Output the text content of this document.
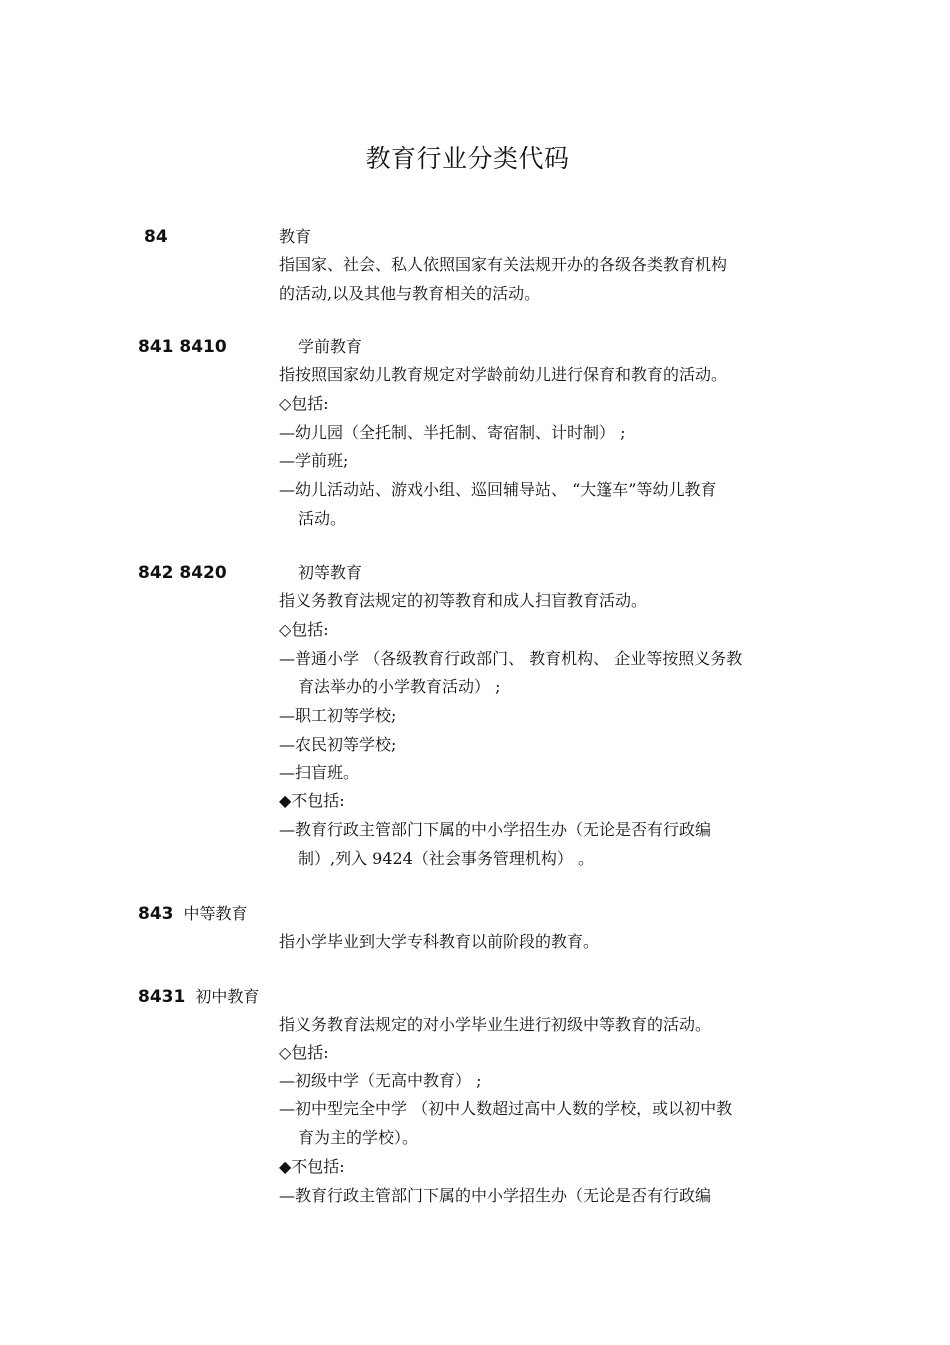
教育行业分类代码
84	教育
指国家、社会、私人依照国家有关法规开办的各级各类教育机构
的活动,以及其他与教育相关的活动。
841 8410	学前教育
指按照国家幼儿教育规定对学龄前幼儿进行保育和教育的活动。
◇包括:
—幼儿园（全托制、半托制、寄宿制、计时制） ;
—学前班;
—幼儿活动站、游戏小组、巡回辅导站、 “大篷车”等幼儿教育
活动。
842 8420	初等教育
指义务教育法规定的初等教育和成人扫盲教育活动。
◇包括:
—普通小学 （各级教育行政部门、 教育机构、 企业等按照义务教
育法举办的小学教育活动） ;
—职工初等学校;
—农民初等学校;
—扫盲班。
◆不包括:
—教育行政主管部门下属的中小学招生办（无论是否有行政编
制）,列入 9424（社会事务管理机构） 。
843 中等教育
指小学毕业到大学专科教育以前阶段的教育。
8431 初中教育
指义务教育法规定的对小学毕业生进行初级中等教育的活动。
◇包括:
—初级中学（无高中教育） ;
—初中型完全中学 （初中人数超过高中人数的学校，或以初中教
育为主的学校）。
◆不包括:
—教育行政主管部门下属的中小学招生办（无论是否有行政编
